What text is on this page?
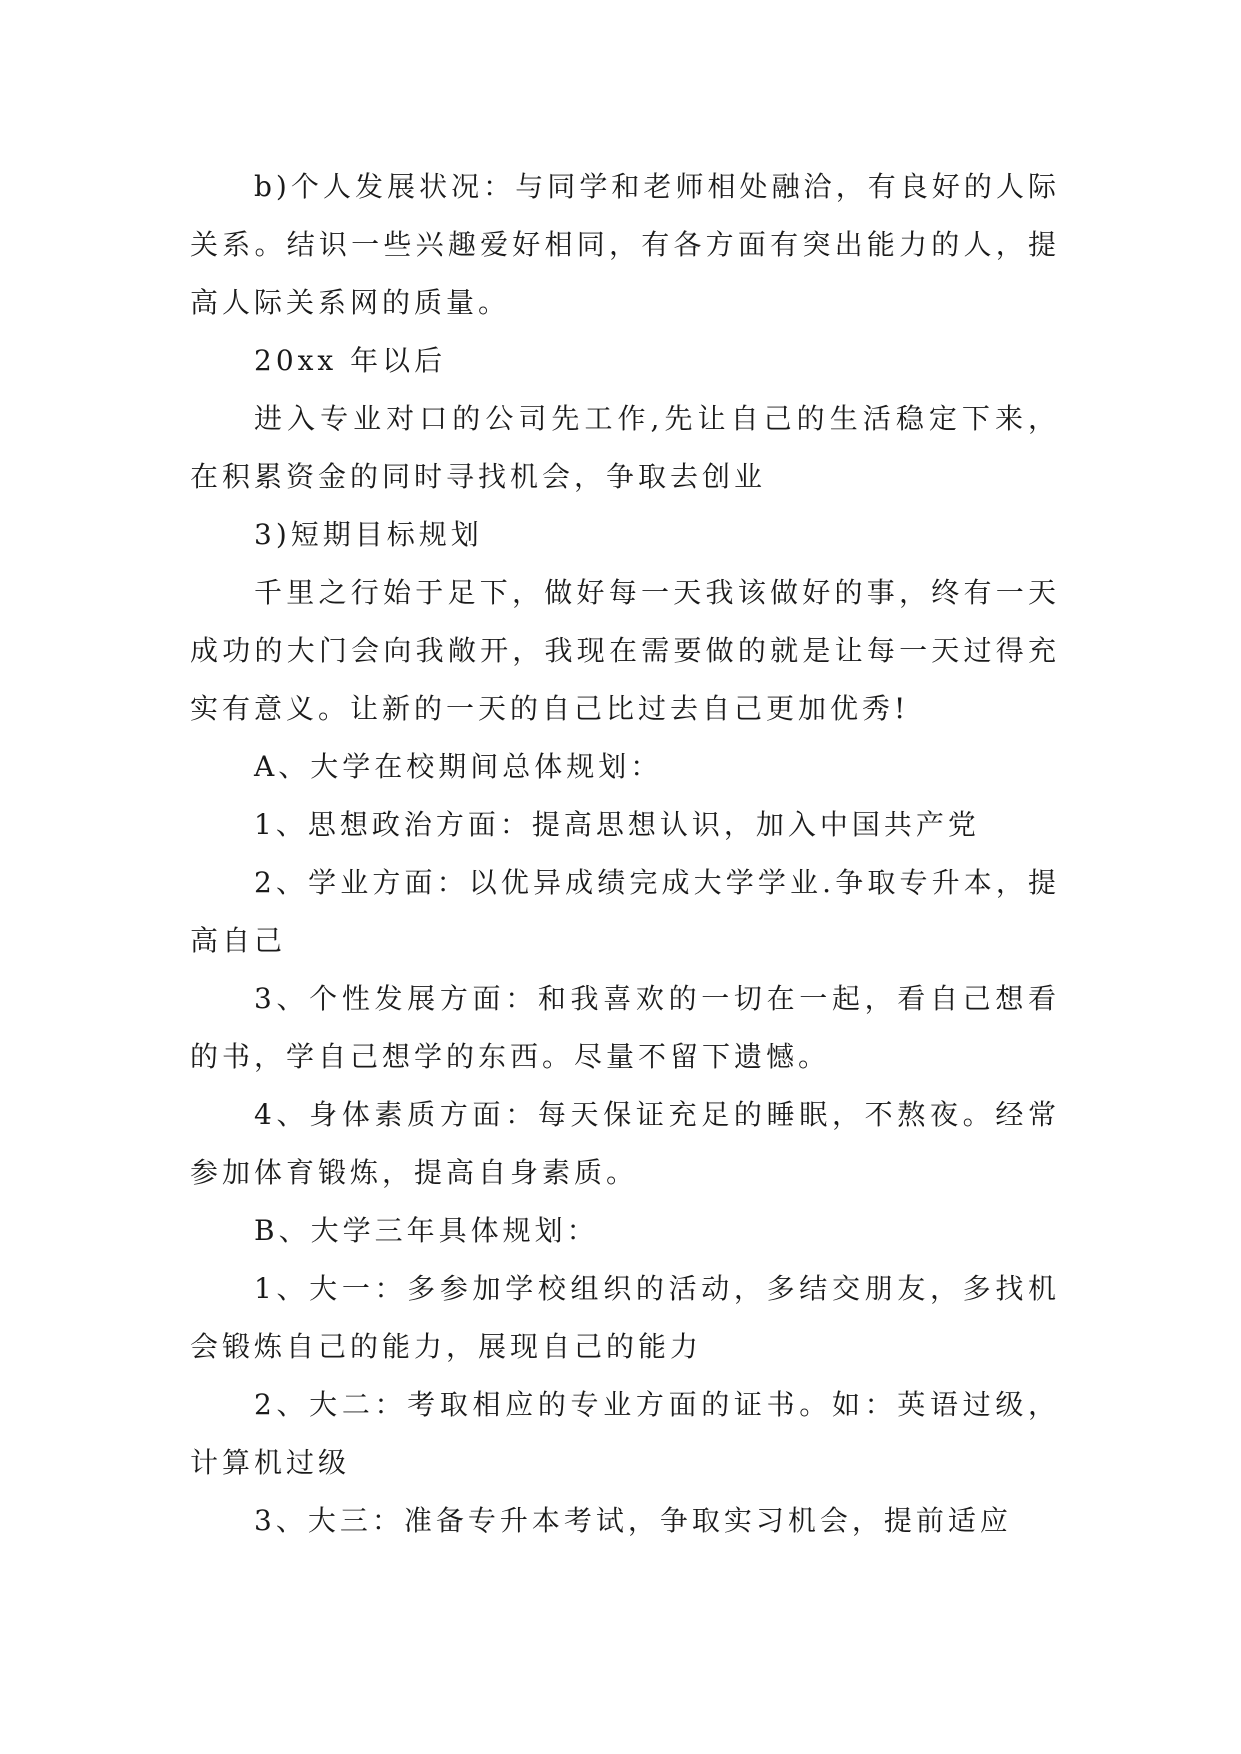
b)个人发展状况：与同学和老师相处融洽，有良好的人际关系。结识一些兴趣爱好相同，有各方面有突出能力的人，提高人际关系网的质量。

20xx 年以后

进入专业对口的公司先工作,先让自己的生活稳定下来，在积累资金的同时寻找机会，争取去创业

3)短期目标规划

千里之行始于足下，做好每一天我该做好的事，终有一天成功的大门会向我敞开，我现在需要做的就是让每一天过得充实有意义。让新的一天的自己比过去自己更加优秀!

A、大学在校期间总体规划：

1、思想政治方面：提高思想认识，加入中国共产党

2、学业方面：以优异成绩完成大学学业.争取专升本，提高自己

3、个性发展方面：和我喜欢的一切在一起，看自己想看的书，学自己想学的东西。尽量不留下遗憾。

4、身体素质方面：每天保证充足的睡眠，不熬夜。经常参加体育锻炼，提高自身素质。

B、大学三年具体规划：

1、大一：多参加学校组织的活动，多结交朋友，多找机会锻炼自己的能力，展现自己的能力

2、大二：考取相应的专业方面的证书。如：英语过级，计算机过级

3、大三：准备专升本考试，争取实习机会，提前适应
